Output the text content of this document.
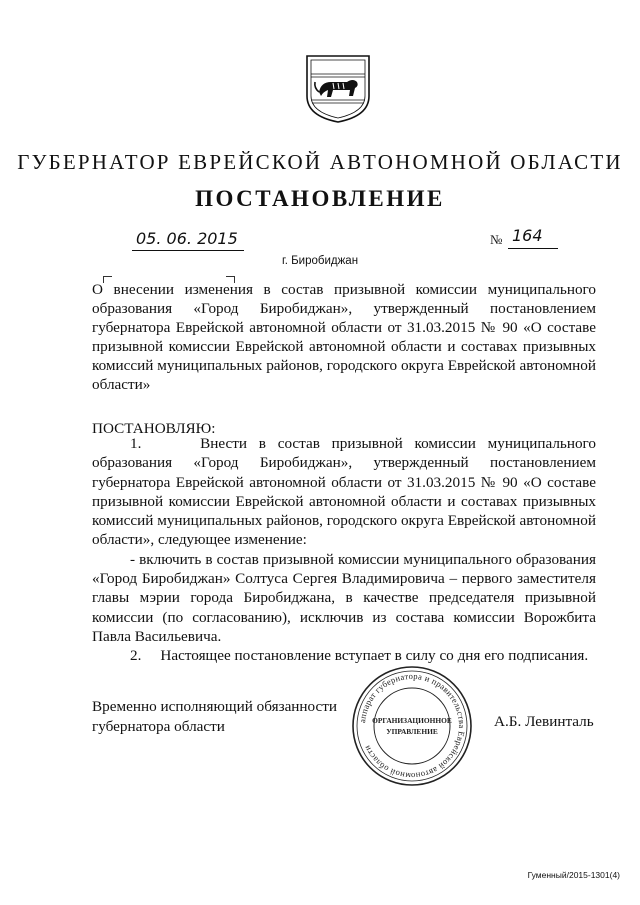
ГУБЕРНАТОР ЕВРЕЙСКОЙ АВТОНОМНОЙ ОБЛАСТИ
ПОСТАНОВЛЕНИЕ
05. 06. 2015	№ 164
г. Биробиджан
О внесении изменения в состав призывной комиссии муниципального образования «Город Биробиджан», утвержденный постановлением губернатора Еврейской автономной области от 31.03.2015 № 90 «О составе призывной комиссии Еврейской автономной области и составах призывных комиссий муниципальных районов, городского округа Еврейской автономной области»
ПОСТАНОВЛЯЮ:

1.     Внести в состав призывной комиссии муниципального образования «Город Биробиджан», утвержденный постановлением губернатора Еврейской автономной области от 31.03.2015 № 90 «О составе призывной комиссии Еврейской автономной области и составах призывных комиссий муниципальных районов, городского округа Еврейской автономной области», следующее изменение:

- включить в состав призывной комиссии муниципального образования «Город Биробиджан» Солтуса Сергея Владимировича – первого заместителя главы мэрии города Биробиджана, в качестве председателя призывной комиссии (по согласованию), исключив из состава комиссии Ворожбита Павла Васильевича.

2.     Настоящее постановление вступает в силу со дня его подписания.

Временно исполняющий обязанности
губернатора области	аппарат губернатора и правительства Еврейской автономной области
ОРГАНИЗАЦИОННОЕ
УПРАВЛЕНИЕ
А.Б. Левинталь
Гуменный/2015-1301(4)
